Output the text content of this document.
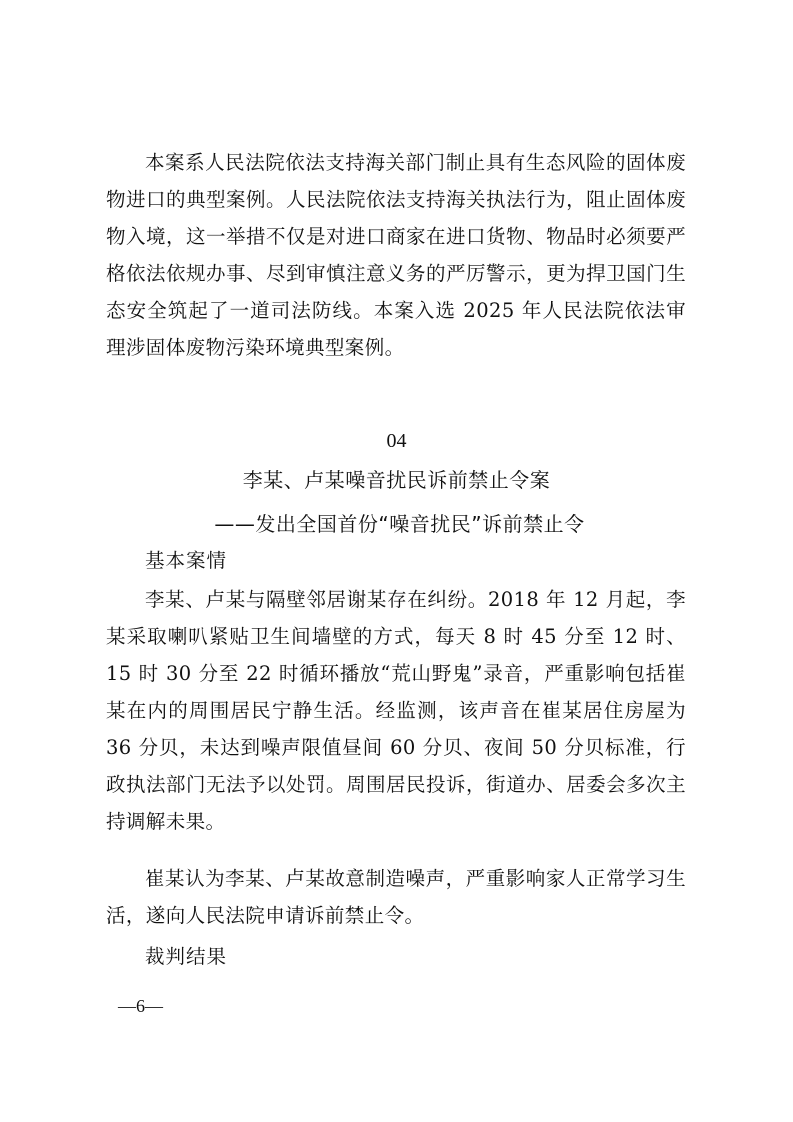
本案系人民法院依法支持海关部门制止具有生态风险的固体废物进口的典型案例。人民法院依法支持海关执法行为，阻止固体废物入境，这一举措不仅是对进口商家在进口货物、物品时必须要严格依法依规办事、尽到审慎注意义务的严厉警示，更为捍卫国门生态安全筑起了一道司法防线。本案入选 2025 年人民法院依法审理涉固体废物污染环境典型案例。

04
李某、卢某噪音扰民诉前禁止令案
——发出全国首份“噪音扰民”诉前禁止令
基本案情

李某、卢某与隔壁邻居谢某存在纠纷。2018 年 12 月起，李某采取喇叭紧贴卫生间墙壁的方式，每天 8 时 45 分至 12 时、15 时 30 分至 22 时循环播放“荒山野鬼”录音，严重影响包括崔某在内的周围居民宁静生活。经监测，该声音在崔某居住房屋为 36 分贝，未达到噪声限值昼间 60 分贝、夜间 50 分贝标准，行政执法部门无法予以处罚。周围居民投诉，街道办、居委会多次主持调解未果。

崔某认为李某、卢某故意制造噪声，严重影响家人正常学习生活，遂向人民法院申请诉前禁止令。

裁判结果
—6—
